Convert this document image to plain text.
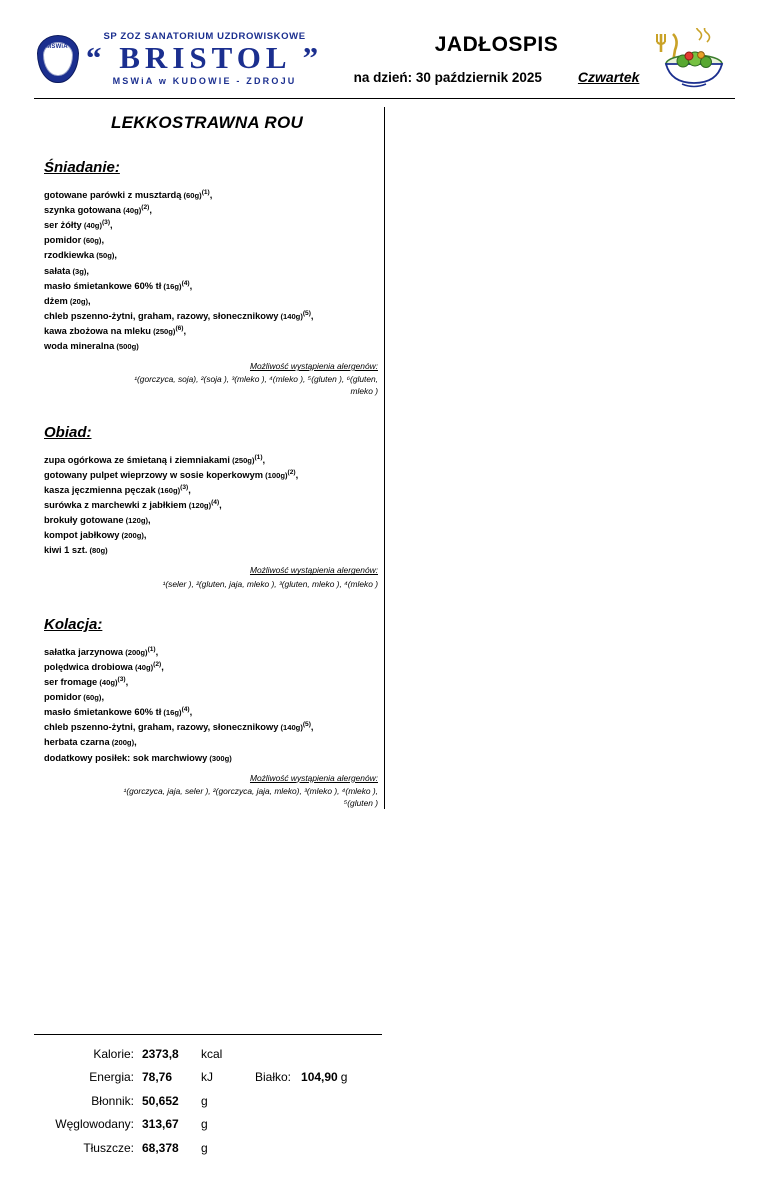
MSWiA
SP ZOZ SANATORIUM UZDROWISKOWE
“ BRISTOL ”
MSWiA w KUDOWIE - ZDROJU
JADŁOSPIS
na dzień: 30 październik 2025	Czwartek
LEKKOSTRAWNA ROU
Śniadanie:
gotowane parówki z musztardą $(60g)^{(1)}$,
szynka gotowana $(40g)^{(2)}$,
ser żółty $(40g)^{(3)}$,
pomidor (60g),
rzodkiewka (50g),
sałata (3g),
masło śmietankowe 60% tł $(16g)^{(4)}$,
dżem (20g),
chleb pszenno-żytni, graham, razowy, słonecznikowy $(140g)^{(5)}$,
kawa zbożowa na mleku $(250g)^{(6)}$,
woda mineralna (500g)
Możliwość wystąpienia alergenów:
¹(gorczyca, soja), ²(soja ), ³(mleko ), ⁴(mleko ), ⁵(gluten ), ⁶(gluten,
mleko )
Obiad:
zupa ogórkowa ze śmietaną i ziemniakami $(250g)^{(1)}$,
gotowany pulpet wieprzowy w sosie koperkowym $(100g)^{(2)}$,
kasza jęczmienna pęczak $(160g)^{(3)}$,
surówka z marchewki z jabłkiem $(120g)^{(4)}$,
brokuły gotowane (120g),
kompot jabłkowy (200g),
kiwi 1 szt. (80g)
Możliwość wystąpienia alergenów:
¹(seler ), ²(gluten, jaja, mleko ), ³(gluten, mleko ), ⁴(mleko )
Kolacja:
sałatka jarzynowa $(200g)^{(1)}$,
polędwica drobiowa $(40g)^{(2)}$,
ser fromage $(40g)^{(3)}$,
pomidor (60g),
masło śmietankowe 60% tł $(16g)^{(4)}$,
chleb pszenno-żytni, graham, razowy, słonecznikowy $(140g)^{(5)}$,
herbata czarna (200g),
dodatkowy posiłek: sok marchwiowy (300g)
Możliwość wystąpienia alergenów:
¹(gorczyca, jaja, seler ), ²(gorczyca, jaja, mleko), ³(mleko ), ⁴(mleko ),
⁵(gluten )
Kalorie: 2373,8	kcal
Energia: 78,76	kJ	Białko: 104,90 g
Błonnik: 50,652	g
Węglowodany: 313,67	g
Tłuszcze: 68,378	g
